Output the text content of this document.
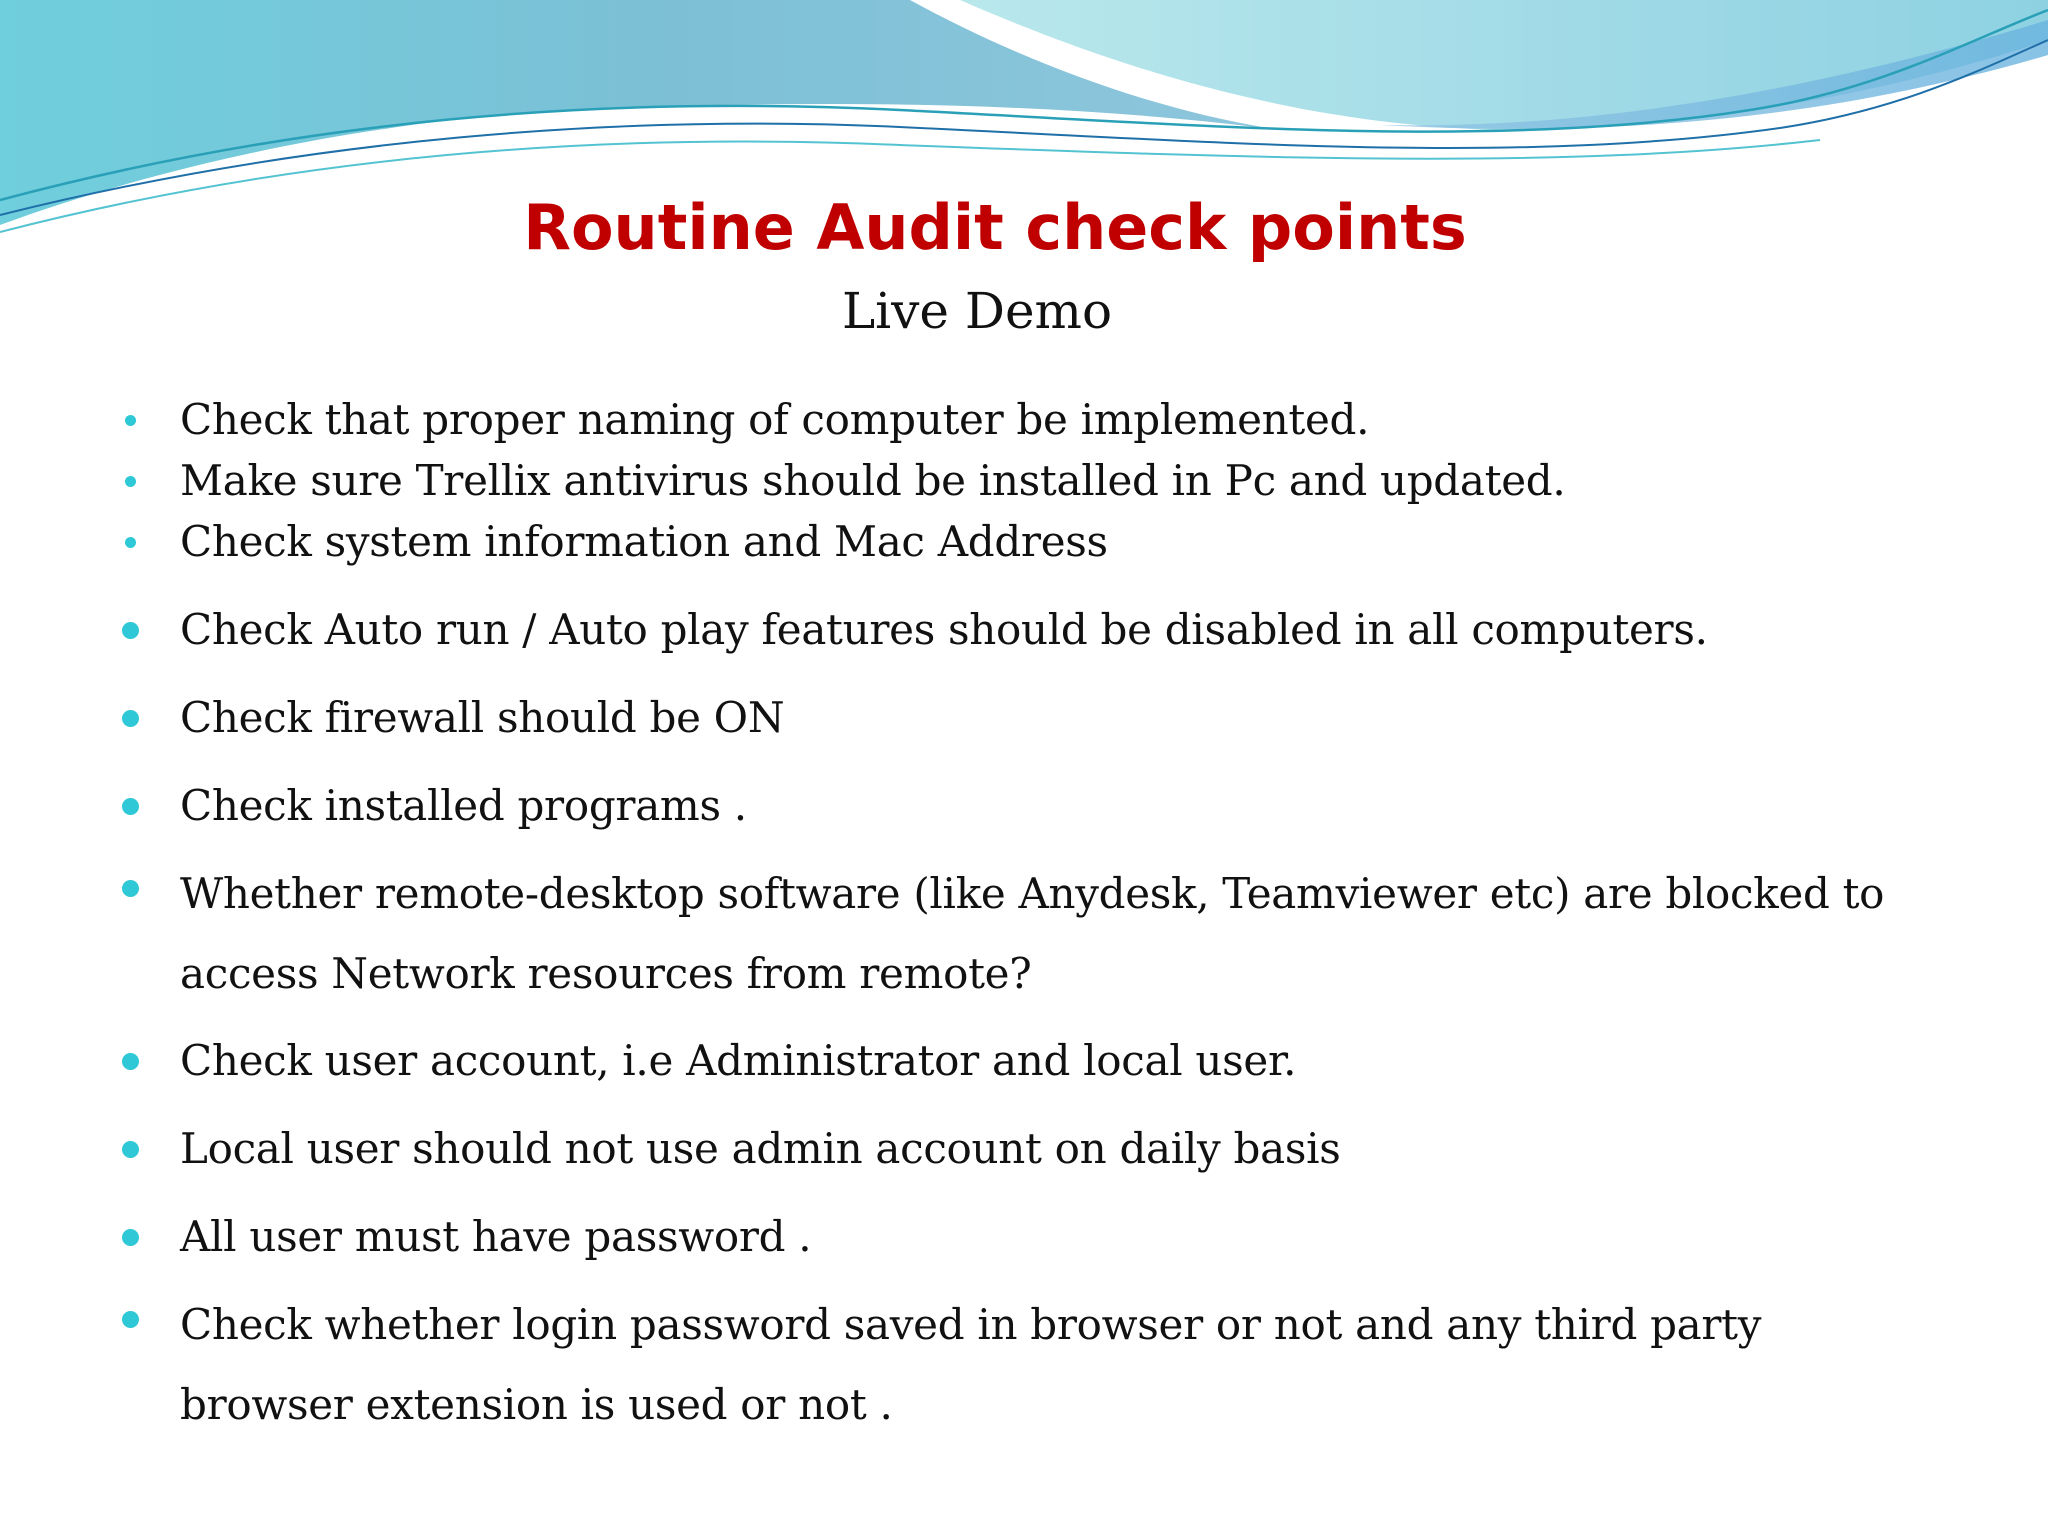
Routine Audit check points
Live Demo
Check that proper naming of computer be implemented.
Make sure Trellix antivirus should be installed in Pc and updated.
Check system information and Mac Address
Check Auto run / Auto play features should be disabled in all computers.
Check firewall should be ON
Check installed programs .
Whether remote-desktop software (like Anydesk, Teamviewer etc) are blocked to access Network resources from remote?
Check user account, i.e Administrator and local user.
Local user should not use admin account on daily basis
All user must have password .
Check whether login password saved in browser or not and any third party browser extension is used or not .
